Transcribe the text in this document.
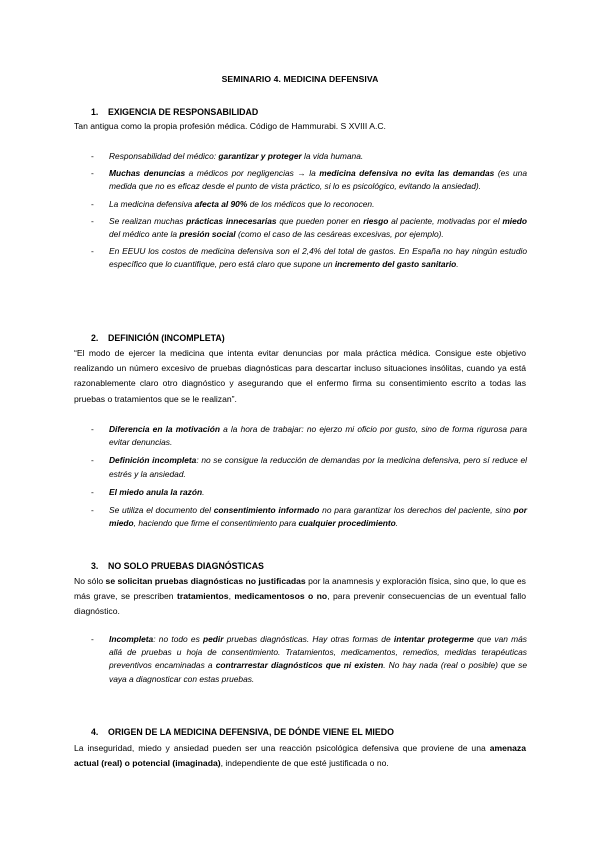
SEMINARIO 4. MEDICINA DEFENSIVA
1. EXIGENCIA DE RESPONSABILIDAD
Tan antigua como la propia profesión médica. Código de Hammurabi. S XVIII A.C.
- Responsabilidad del médico: garantizar y proteger la vida humana.
- Muchas denuncias a médicos por negligencias → la medicina defensiva no evita las demandas (es una medida que no es eficaz desde el punto de vista práctico, si lo es psicológico, evitando la ansiedad).
- La medicina defensiva afecta al 90% de los médicos que lo reconocen.
- Se realizan muchas prácticas innecesarias que pueden poner en riesgo al paciente, motivadas por el miedo del médico ante la presión social (como el caso de las cesáreas excesivas, por ejemplo).
- En EEUU los costos de medicina defensiva son el 2,4% del total de gastos. En España no hay ningún estudio específico que lo cuantifique, pero está claro que supone un incremento del gasto sanitario.
2. DEFINICIÓN (INCOMPLETA)
“El modo de ejercer la medicina que intenta evitar denuncias por mala práctica médica. Consigue este objetivo realizando un número excesivo de pruebas diagnósticas para descartar incluso situaciones insólitas, cuando ya está razonablemente claro otro diagnóstico y asegurando que el enfermo firma su consentimiento escrito a todas las pruebas o tratamientos que se le realizan”.
- Diferencia en la motivación a la hora de trabajar: no ejerzo mi oficio por gusto, sino de forma rigurosa para evitar denuncias.
- Definición incompleta: no se consigue la reducción de demandas por la medicina defensiva, pero sí reduce el estrés y la ansiedad.
- El miedo anula la razón.
- Se utiliza el documento del consentimiento informado no para garantizar los derechos del paciente, sino por miedo, haciendo que firme el consentimiento para cualquier procedimiento.
3. NO SOLO PRUEBAS DIAGNÓSTICAS
No sólo se solicitan pruebas diagnósticas no justificadas por la anamnesis y exploración física, sino que, lo que es más grave, se prescriben tratamientos, medicamentosos o no, para prevenir consecuencias de un eventual fallo diagnóstico.
- Incompleta: no todo es pedir pruebas diagnósticas. Hay otras formas de intentar protegerme que van más allá de pruebas u hoja de consentimiento. Tratamientos, medicamentos, remedios, medidas terapéuticas preventivos encaminadas a contrarrestar diagnósticos que ni existen. No hay nada (real o posible) que se vaya a diagnosticar con estas pruebas.
4. ORIGEN DE LA MEDICINA DEFENSIVA, DE DÓNDE VIENE EL MIEDO
La inseguridad, miedo y ansiedad pueden ser una reacción psicológica defensiva que proviene de una amenaza actual (real) o potencial (imaginada), independiente de que esté justificada o no.
